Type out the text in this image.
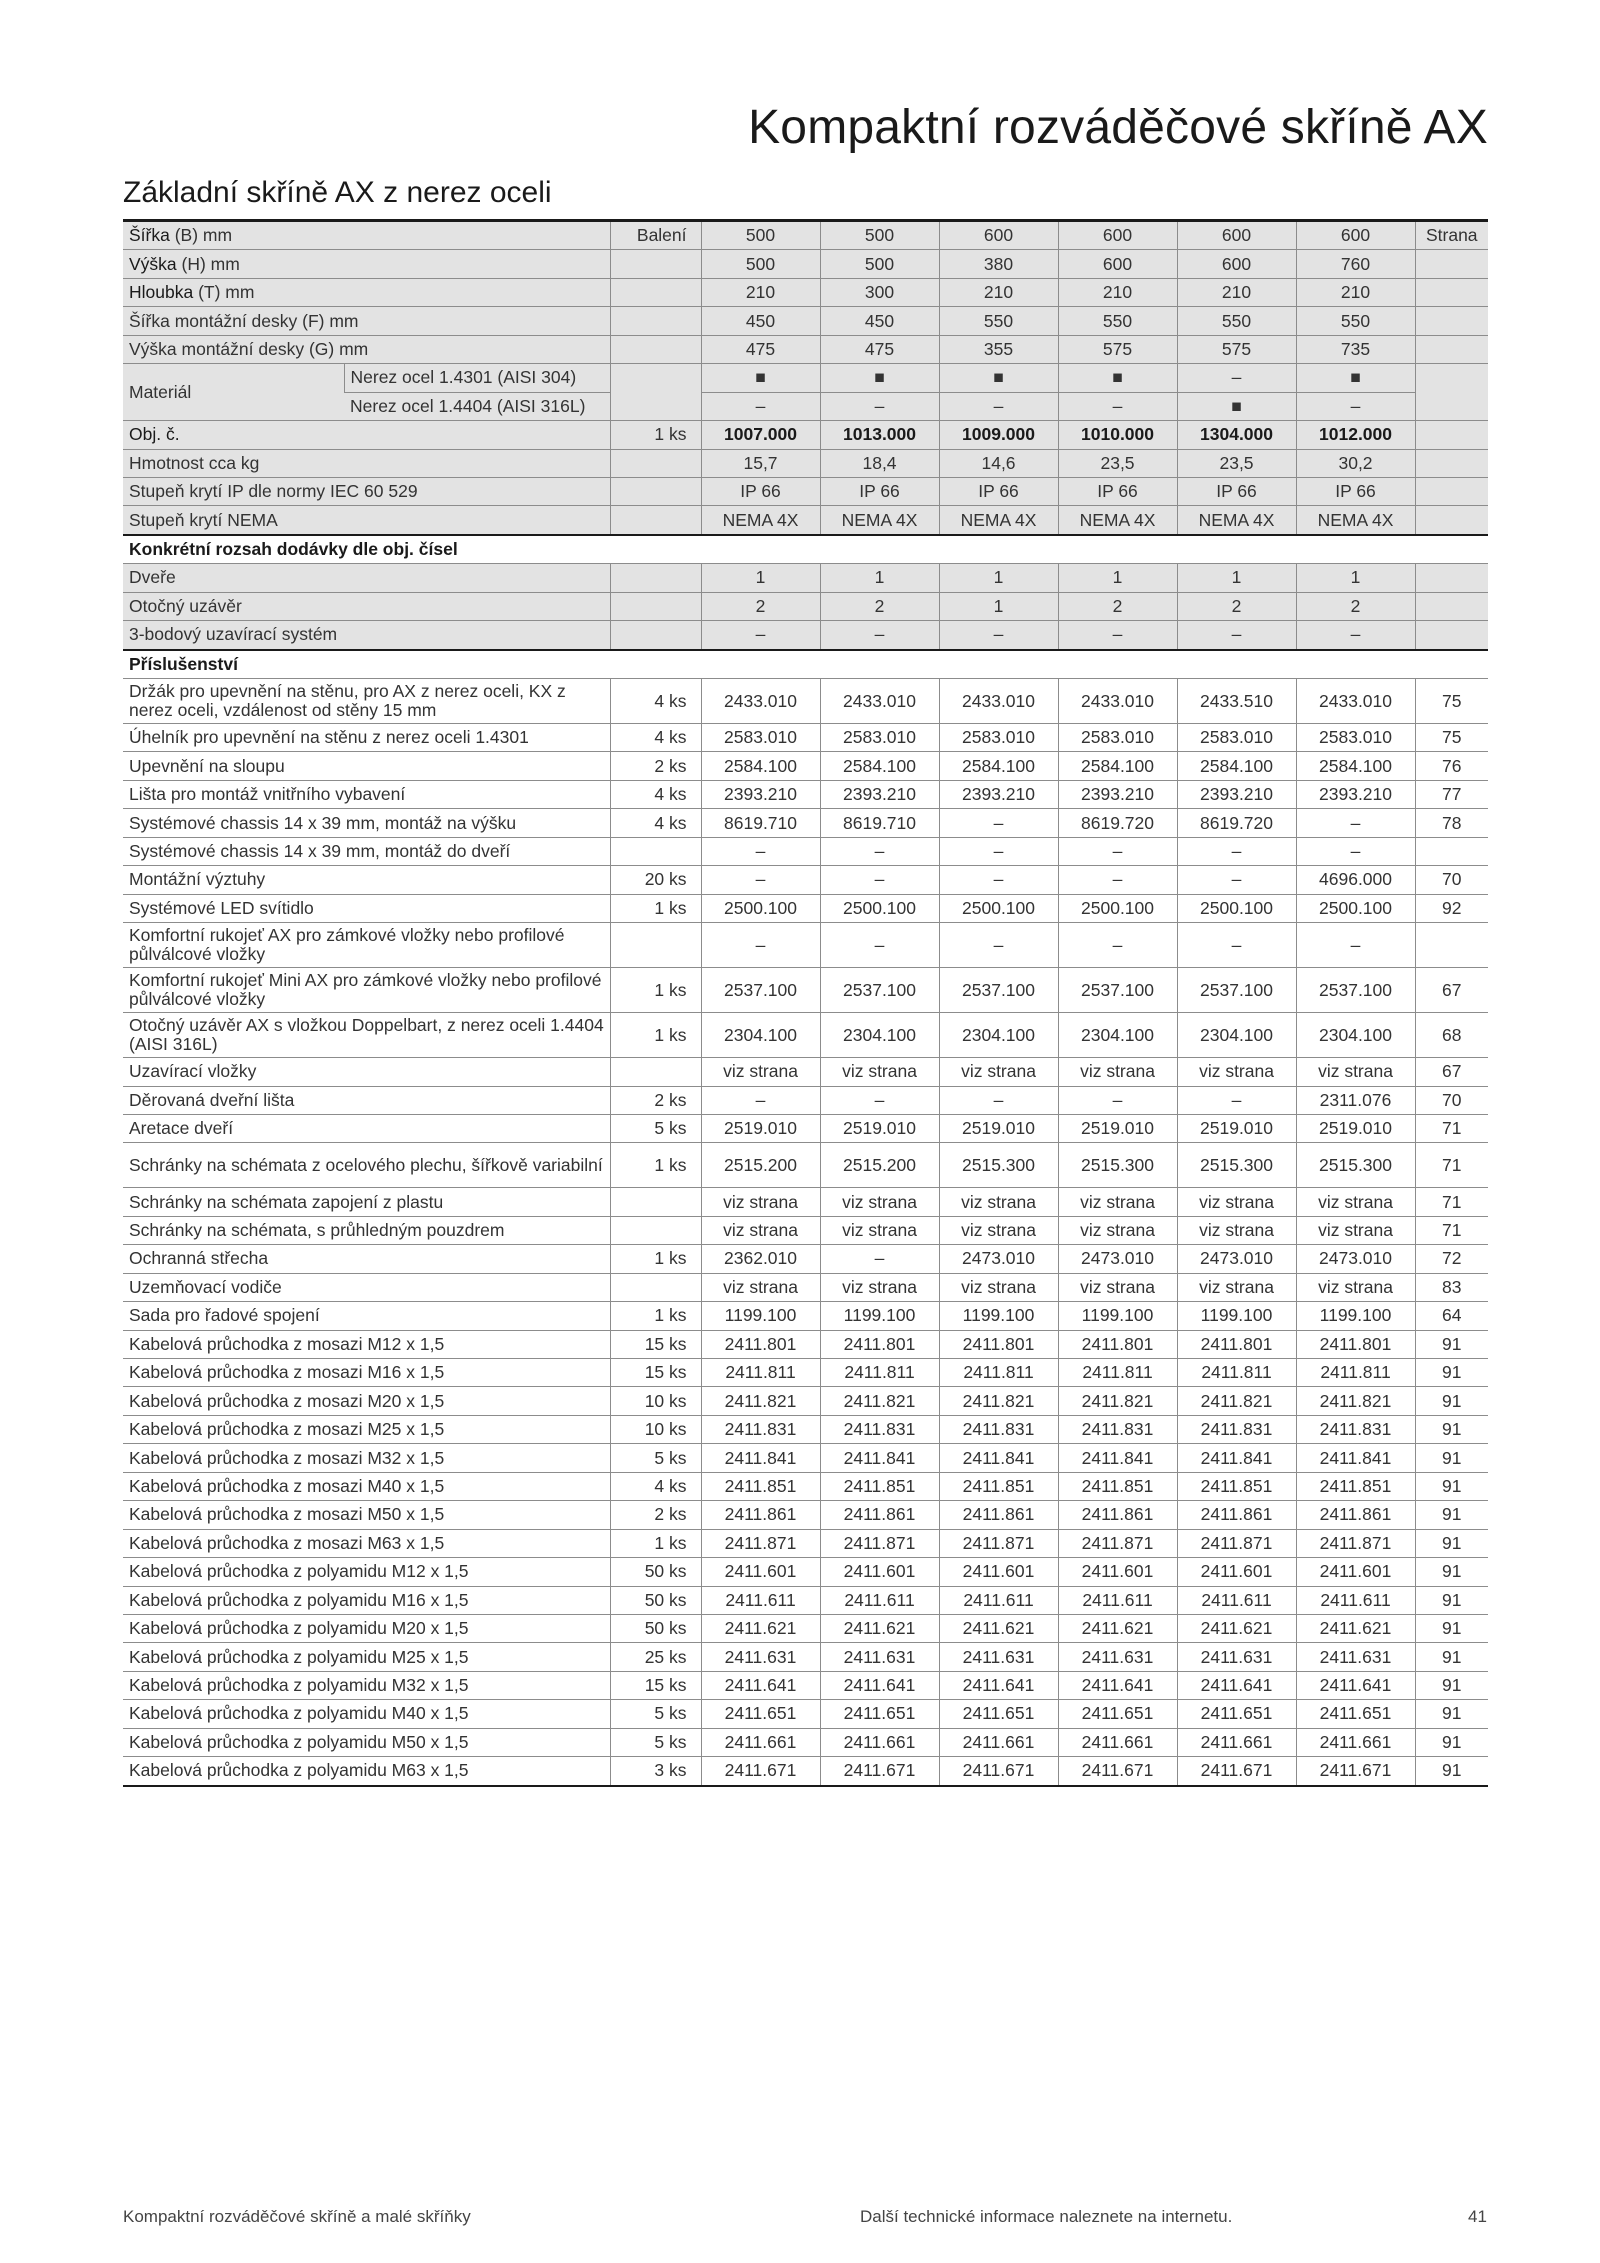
Kompaktní rozváděčové skříně AX
Základní skříně AX z nerez oceli
Šířka (B) mm		Balení	500	500	600	600	600	600	Strana
Výška (H) mm			500	500	380	600	600	760	
Hloubka (T) mm			210	300	210	210	210	210	
Šířka montážní desky (F) mm			450	450	550	550	550	550	
Výška montážní desky (G) mm			475	475	355	575	575	735	
Materiál	Nerez ocel 1.4301 (AISI 304)		■	■	■	■	–	■	
	Nerez ocel 1.4404 (AISI 316L)		–	–	–	–	■	–	
Obj. č.		1 ks	1007.000	1013.000	1009.000	1010.000	1304.000	1012.000	
Hmotnost cca kg			15,7	18,4	14,6	23,5	23,5	30,2	
Stupeň krytí IP dle normy IEC 60 529			IP 66	IP 66	IP 66	IP 66	IP 66	IP 66	
Stupeň krytí NEMA			NEMA 4X	NEMA 4X	NEMA 4X	NEMA 4X	NEMA 4X	NEMA 4X	
Konkrétní rozsah dodávky dle obj. čísel									
Dveře			1	1	1	1	1	1	
Otočný uzávěr			2	2	1	2	2	2	
3-bodový uzavírací systém			–	–	–	–	–	–	
Příslušenství									
Držák pro upevnění na stěnu, pro AX z nerez oceli, KX z nerez oceli, vzdálenost od stěny 15 mm		4 ks	2433.010	2433.010	2433.010	2433.010	2433.510	2433.010	75
Úhelník pro upevnění na stěnu z nerez oceli 1.4301		4 ks	2583.010	2583.010	2583.010	2583.010	2583.010	2583.010	75
Upevnění na sloupu		2 ks	2584.100	2584.100	2584.100	2584.100	2584.100	2584.100	76
Lišta pro montáž vnitřního vybavení		4 ks	2393.210	2393.210	2393.210	2393.210	2393.210	2393.210	77
Systémové chassis 14 x 39 mm, montáž na výšku		4 ks	8619.710	8619.710	–	8619.720	8619.720	–	78
Systémové chassis 14 x 39 mm, montáž do dveří			–	–	–	–	–	–	
Montážní výztuhy		20 ks	–	–	–	–	–	4696.000	70
Systémové LED svítidlo		1 ks	2500.100	2500.100	2500.100	2500.100	2500.100	2500.100	92
Komfortní rukojeť AX pro zámkové vložky nebo profilové půlválcové vložky			–	–	–	–	–	–	
Komfortní rukojeť Mini AX pro zámkové vložky nebo profilové půlválcové vložky		1 ks	2537.100	2537.100	2537.100	2537.100	2537.100	2537.100	67
Otočný uzávěr AX s vložkou Doppelbart, z nerez oceli 1.4404 (AISI 316L)		1 ks	2304.100	2304.100	2304.100	2304.100	2304.100	2304.100	68
Uzavírací vložky			viz strana	viz strana	viz strana	viz strana	viz strana	viz strana	67
Děrovaná dveřní lišta		2 ks	–	–	–	–	–	2311.076	70
Aretace dveří		5 ks	2519.010	2519.010	2519.010	2519.010	2519.010	2519.010	71
Schránky na schémata z ocelového plechu, šířkově variabilní		1 ks	2515.200	2515.200	2515.300	2515.300	2515.300	2515.300	71
Schránky na schémata zapojení z plastu			viz strana	viz strana	viz strana	viz strana	viz strana	viz strana	71
Schránky na schémata, s průhledným pouzdrem			viz strana	viz strana	viz strana	viz strana	viz strana	viz strana	71
Ochranná střecha		1 ks	2362.010	–	2473.010	2473.010	2473.010	2473.010	72
Uzemňovací vodiče			viz strana	viz strana	viz strana	viz strana	viz strana	viz strana	83
Sada pro řadové spojení		1 ks	1199.100	1199.100	1199.100	1199.100	1199.100	1199.100	64
Kabelová průchodka z mosazi M12 x 1,5		15 ks	2411.801	2411.801	2411.801	2411.801	2411.801	2411.801	91
Kabelová průchodka z mosazi M16 x 1,5		15 ks	2411.811	2411.811	2411.811	2411.811	2411.811	2411.811	91
Kabelová průchodka z mosazi M20 x 1,5		10 ks	2411.821	2411.821	2411.821	2411.821	2411.821	2411.821	91
Kabelová průchodka z mosazi M25 x 1,5		10 ks	2411.831	2411.831	2411.831	2411.831	2411.831	2411.831	91
Kabelová průchodka z mosazi M32 x 1,5		5 ks	2411.841	2411.841	2411.841	2411.841	2411.841	2411.841	91
Kabelová průchodka z mosazi M40 x 1,5		4 ks	2411.851	2411.851	2411.851	2411.851	2411.851	2411.851	91
Kabelová průchodka z mosazi M50 x 1,5		2 ks	2411.861	2411.861	2411.861	2411.861	2411.861	2411.861	91
Kabelová průchodka z mosazi M63 x 1,5		1 ks	2411.871	2411.871	2411.871	2411.871	2411.871	2411.871	91
Kabelová průchodka z polyamidu M12 x 1,5		50 ks	2411.601	2411.601	2411.601	2411.601	2411.601	2411.601	91
Kabelová průchodka z polyamidu M16 x 1,5		50 ks	2411.611	2411.611	2411.611	2411.611	2411.611	2411.611	91
Kabelová průchodka z polyamidu M20 x 1,5		50 ks	2411.621	2411.621	2411.621	2411.621	2411.621	2411.621	91
Kabelová průchodka z polyamidu M25 x 1,5		25 ks	2411.631	2411.631	2411.631	2411.631	2411.631	2411.631	91
Kabelová průchodka z polyamidu M32 x 1,5		15 ks	2411.641	2411.641	2411.641	2411.641	2411.641	2411.641	91
Kabelová průchodka z polyamidu M40 x 1,5		5 ks	2411.651	2411.651	2411.651	2411.651	2411.651	2411.651	91
Kabelová průchodka z polyamidu M50 x 1,5		5 ks	2411.661	2411.661	2411.661	2411.661	2411.661	2411.661	91
Kabelová průchodka z polyamidu M63 x 1,5		3 ks	2411.671	2411.671	2411.671	2411.671	2411.671	2411.671	91
Kompaktní rozváděčové skříně a malé skříňky	Další technické informace naleznete na internetu.	41
